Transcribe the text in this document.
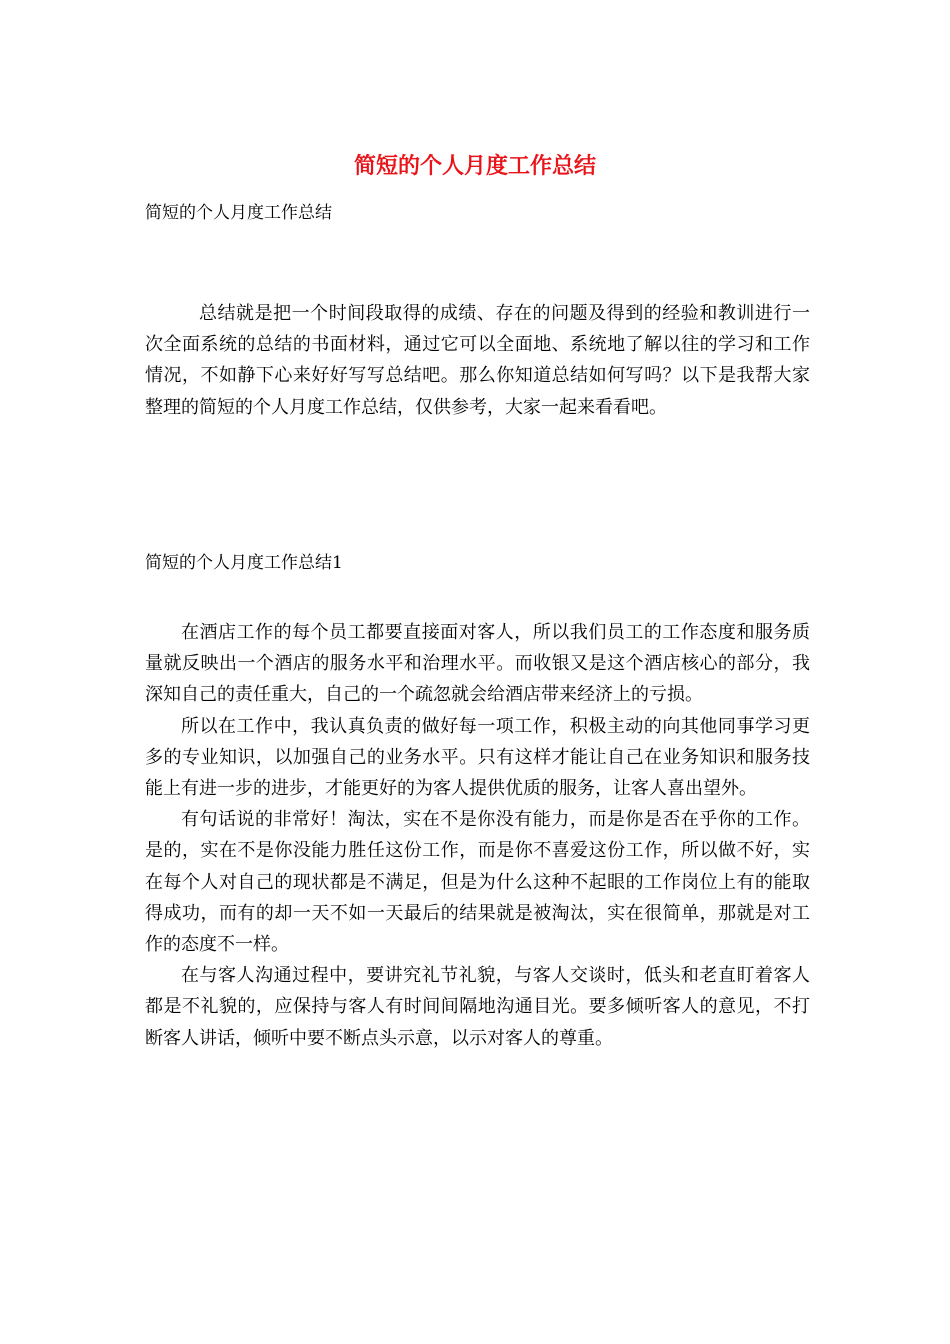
简短的个人月度工作总结
简短的个人月度工作总结

总结就是把一个时间段取得的成绩、存在的问题及得到的经验和教训进行一次全面系统的总结的书面材料，通过它可以全面地、系统地了解以往的学习和工作情况，不如静下心来好好写写总结吧。那么你知道总结如何写吗？以下是我帮大家整理的简短的个人月度工作总结，仅供参考，大家一起来看看吧。

简短的个人月度工作总结1

在酒店工作的每个员工都要直接面对客人，所以我们员工的工作态度和服务质量就反映出一个酒店的服务水平和治理水平。而收银又是这个酒店核心的部分，我深知自己的责任重大，自己的一个疏忽就会给酒店带来经济上的亏损。

所以在工作中，我认真负责的做好每一项工作，积极主动的向其他同事学习更多的专业知识，以加强自己的业务水平。只有这样才能让自己在业务知识和服务技能上有进一步的进步，才能更好的为客人提供优质的服务，让客人喜出望外。

有句话说的非常好！淘汰，实在不是你没有能力，而是你是否在乎你的工作。是的，实在不是你没能力胜任这份工作，而是你不喜爱这份工作，所以做不好，实在每个人对自己的现状都是不满足，但是为什么这种不起眼的工作岗位上有的能取得成功，而有的却一天不如一天最后的结果就是被淘汰，实在很简单，那就是对工作的态度不一样。

在与客人沟通过程中，要讲究礼节礼貌，与客人交谈时，低头和老直盯着客人都是不礼貌的，应保持与客人有时间间隔地沟通目光。要多倾听客人的意见，不打断客人讲话，倾听中要不断点头示意，以示对客人的尊重。
